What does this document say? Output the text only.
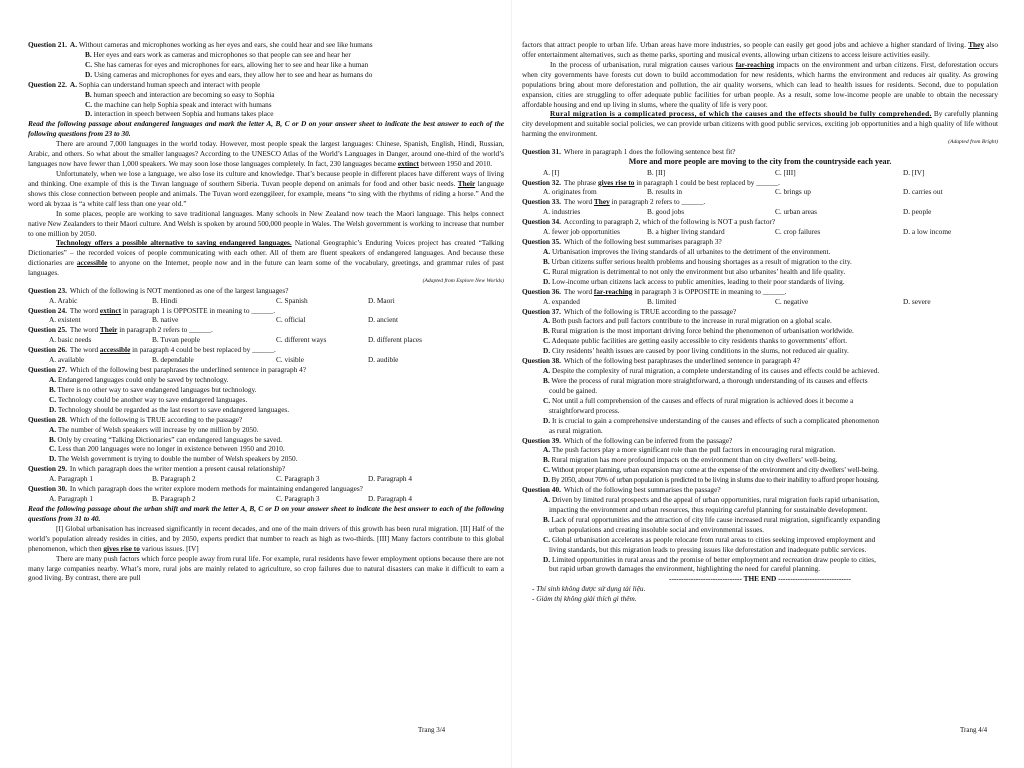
Question 21. A.
Without cameras and microphones working as her eyes and ears, she could hear and see like humans
B. Her eyes and ears work as cameras and microphones so that people can see and hear her
C. She has cameras for eyes and microphones for ears, allowing her to see and hear like a human
D. Using cameras and microphones for eyes and ears, they allow her to see and hear as humans do
Question 22. A.
Sophia can understand human speech and interact with people
B. human speech and interaction are becoming so easy to Sophia
C. the machine can help Sophia speak and interact with humans
D. interaction in speech between Sophia and humans takes place
Read the following passage about endangered languages and mark the letter A, B, C or D on your answer sheet to indicate the best answer to each of the following questions from 23 to 30.
There are around 7,000 languages in the world today. However, most people speak the largest languages: Chinese, Spanish, English, Hindi, Russian, Arabic, and others. So what about the smaller languages? According to the UNESCO Atlas of the World’s Languages in Danger, around one-third of the world’s languages now have fewer than 1,000 speakers. We may soon lose those languages completely. In fact, 230 languages became extinct between 1950 and 2010.
Unfortunately, when we lose a language, we also lose its culture and knowledge. That’s because people in different places have different ways of living and thinking. One example of this is the Tuvan language of southern Siberia. Tuvan people depend on animals for food and other basic needs. Their language shows this close connection between people and animals. The Tuvan word ezenggileer, for example, means “to sing with the rhythms of riding a horse.” And the word ak byzaa is “a white calf less than one year old.”
In some places, people are working to save traditional languages. Many schools in New Zealand now teach the Maori language. This helps connect native New Zealanders to their Maori culture. And Welsh is spoken by around 500,000 people in Wales. The Welsh government is working to increase that number to one million by 2050.
Technology offers a possible alternative to saving endangered languages. National Geographic’s Enduring Voices project has created “Talking Dictionaries” – the recorded voices of people communicating with each other. All of them are fluent speakers of endangered languages. And because these dictionaries are accessible to anyone on the Internet, people now and in the future can learn some of the vocabulary, greetings, and grammar rules of past languages.
(Adapted from Explore New Worlds)
Question 23. Which of the following is NOT mentioned as one of the largest languages?
A. Arabic	B. Hindi	C. Spanish	D. Maori
Question 24. The word extinct in paragraph 1 is OPPOSITE in meaning to ______.
A. existent	B. native	C. official	D. ancient
Question 25. The word Their in paragraph 2 refers to ______.
A. basic needs	B. Tuvan people	C. different ways	D. different places
Question 26. The word accessible in paragraph 4 could be best replaced by ______.
A. available	B. dependable	C. visible	D. audible
Question 27. Which of the following best paraphrases the underlined sentence in paragraph 4?
A. Endangered languages could only be saved by technology.
B. There is no other way to save endangered languages but technology.
C. Technology could be another way to save endangered languages.
D. Technology should be regarded as the last resort to save endangered languages.
Question 28. Which of the following is TRUE according to the passage?
A. The number of Welsh speakers will increase by one million by 2050.
B. Only by creating “Talking Dictionaries” can endangered languages be saved.
C. Less than 200 languages were no longer in existence between 1950 and 2010.
D. The Welsh government is trying to double the number of Welsh speakers by 2050.
Question 29. In which paragraph does the writer mention a present causal relationship?
A. Paragraph 1	B. Paragraph 2	C. Paragraph 3	D. Paragraph 4
Question 30. In which paragraph does the writer explore modern methods for maintaining endangered languages?
A. Paragraph 1	B. Paragraph 2	C. Paragraph 3	D. Paragraph 4
Read the following passage about the urban shift and mark the letter A, B, C or D on your answer sheet to indicate the best answer to each of the following questions from 31 to 40.
[I] Global urbanisation has increased significantly in recent decades, and one of the main drivers of this growth has been rural migration. [II] Half of the world’s population already resides in cities, and by 2050, experts predict that number to reach as high as two-thirds. [III] Many factors contribute to this global phenomenon, which then gives rise to various issues. [IV]
There are many push factors which force people away from rural life. For example, rural residents have fewer employment options because there are not many large companies nearby. What’s more, rural jobs are mainly related to agriculture, so crop failures due to natural disasters can make it difficult to earn a good living. By contrast, there are pull
Trang 3/4
factors that attract people to urban life. Urban areas have more industries, so people can easily get good jobs and achieve a higher standard of living. They also offer entertainment alternatives, such as theme parks, sporting and musical events, allowing urban citizens to access leisure activities easily.
In the process of urbanisation, rural migration causes various far-reaching impacts on the environment and urban citizens. First, deforestation occurs when city governments have forests cut down to build accommodation for new residents, which harms the environment and reduces air quality. As growing populations bring about more deforestation and pollution, the air quality worsens, which can lead to health issues for residents. Second, due to population expansion, cities are struggling to offer adequate public facilities for urban people. As a result, some low-income people are unable to obtain the necessary affordable housing and end up living in slums, where the quality of life is very poor.
Rural migration is a complicated process, of which the causes and the effects should be fully comprehended. By carefully planning city development and suitable social policies, we can provide urban citizens with good public services, exciting job opportunities and a high quality of life without harming the environment.
(Adapted from Bright)
Question 31. Where in paragraph 1 does the following sentence best fit?
More and more people are moving to the city from the countryside each year.
A. [I]	B. [II]	C. [III]	D. [IV]
Question 32. The phrase gives rise to in paragraph 1 could be best replaced by ______.
A. originates from	B. results in	C. brings up	D. carries out
Question 33. The word They in paragraph 2 refers to ______.
A. industries	B. good jobs	C. urban areas	D. people
Question 34. According to paragraph 2, which of the following is NOT a push factor?
A. fewer job opportunities	B. a higher living standard	C. crop failures	D. a low income
Question 35. Which of the following best summarises paragraph 3?
A. Urbanisation improves the living standards of all urbanites to the detriment of the environment.
B. Urban citizens suffer serious health problems and housing shortages as a result of migration to the city.
C. Rural migration is detrimental to not only the environment but also urbanites’ health and life quality.
D. Low-income urban citizens lack access to public amenities, leading to their poor standards of living.
Question 36. The word far-reaching in paragraph 3 is OPPOSITE in meaning to ______.
A. expanded	B. limited	C. negative	D. severe
Question 37. Which of the following is TRUE according to the passage?
A. Both push factors and pull factors contribute to the increase in rural migration on a global scale.
B. Rural migration is the most important driving force behind the phenomenon of urbanisation worldwide.
C. Adequate public facilities are getting easily accessible to city residents thanks to governments’ effort.
D. City residents’ health issues are caused by poor living conditions in the slums, not reduced air quality.
Question 38. Which of the following best paraphrases the underlined sentence in paragraph 4?
A. Despite the complexity of rural migration, a complete understanding of its causes and effects could be achieved.
B. Were the process of rural migration more straightforward, a thorough understanding of its causes and effects
could be gained.
C. Not until a full comprehension of the causes and effects of rural migration is achieved does it become a
straightforward process.
D. It is crucial to gain a comprehensive understanding of the causes and effects of such a complicated phenomenon
as rural migration.
Question 39. Which of the following can be inferred from the passage?
A. The push factors play a more significant role than the pull factors in encouraging rural migration.
B. Rural migration has more profound impacts on the environment than on city dwellers’ well-being.
C. Without proper planning, urban expansion may come at the expense of the environment and city dwellers’ well-being.
D. By 2050, about 70% of urban population is predicted to be living in slums due to their inability to afford proper housing.
Question 40. Which of the following best summarises the passage?
A. Driven by limited rural prospects and the appeal of urban opportunities, rural migration fuels rapid urbanisation,
impacting the environment and urban resources, thus requiring careful planning for sustainable development.
B. Lack of rural opportunities and the attraction of city life cause increased rural migration, significantly expanding
urban populations and creating insoluble social and environmental issues.
C. Global urbanisation accelerates as people relocate from rural areas to cities seeking improved employment and
living standards, but this migration leads to pressing issues like deforestation and inadequate public services.
D. Limited opportunities in rural areas and the promise of better employment and recreation draw people to cities,
but rapid urban growth damages the environment, highlighting the need for careful planning.
------------------------------ THE END ------------------------------
- Thí sinh không được sử dụng tài liệu.
- Giám thị không giải thích gì thêm.
Trang 4/4
